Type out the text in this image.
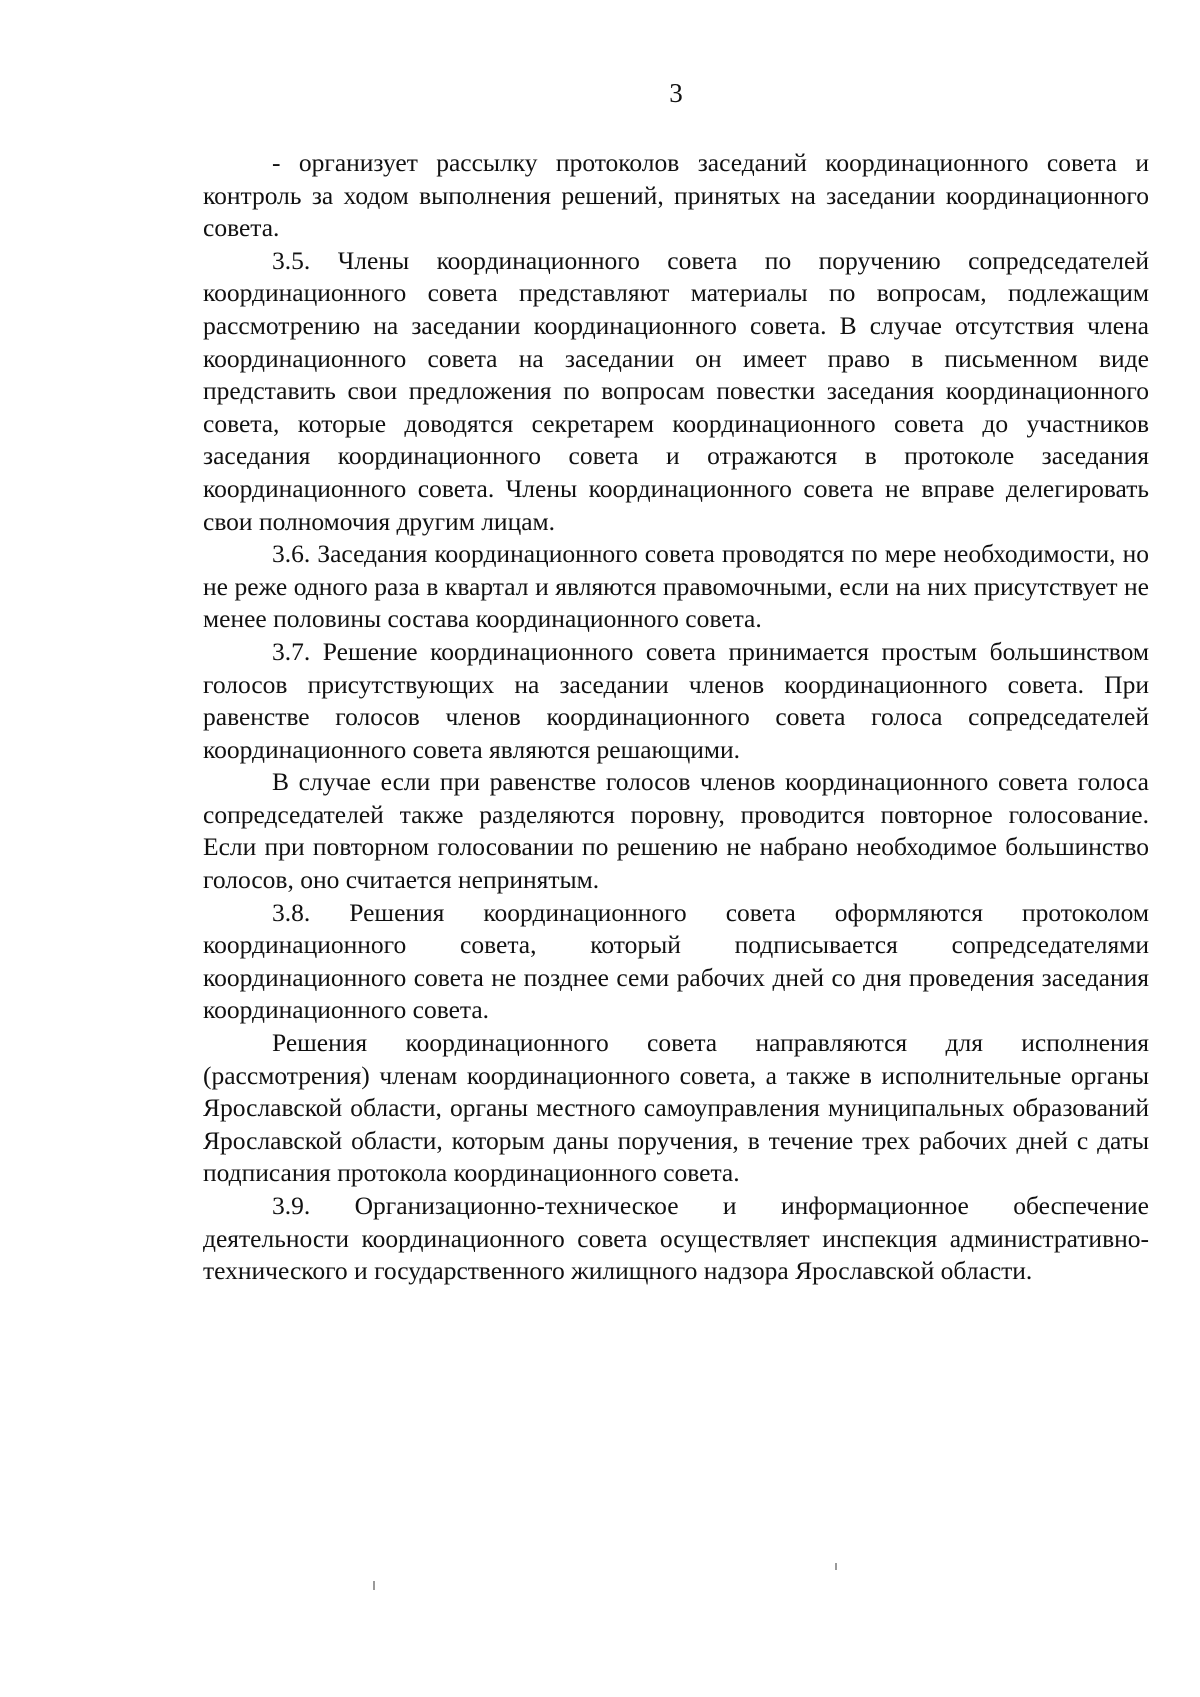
3

- организует рассылку протоколов заседаний координационного совета и контроль за ходом выполнения решений, принятых на заседании координационного совета.

3.5. Члены координационного совета по поручению сопредседателей координационного совета представляют материалы по вопросам, подлежащим рассмотрению на заседании координационного совета. В случае отсутствия члена координационного совета на заседании он имеет право в письменном виде представить свои предложения по вопросам повестки заседания координационного совета, которые доводятся секретарем координационного совета до участников заседания координационного совета и отражаются в протоколе заседания координационного совета. Члены координационного совета не вправе делегировать свои полномочия другим лицам.

3.6. Заседания координационного совета проводятся по мере необходимости, но не реже одного раза в квартал и являются правомочными, если на них присутствует не менее половины состава координационного совета.

3.7. Решение координационного совета принимается простым большинством голосов присутствующих на заседании членов координационного совета. При равенстве голосов членов координационного совета голоса сопредседателей координационного совета являются решающими.

В случае если при равенстве голосов членов координационного совета голоса сопредседателей также разделяются поровну, проводится повторное голосование. Если при повторном голосовании по решению не набрано необходимое большинство голосов, оно считается непринятым.

3.8. Решения координационного совета оформляются протоколом координационного совета, который подписывается сопредседателями координационного совета не позднее семи рабочих дней со дня проведения заседания координационного совета.

Решения координационного совета направляются для исполнения (рассмотрения) членам координационного совета, а также в исполнительные органы Ярославской области, органы местного самоуправления муниципальных образований Ярославской области, которым даны поручения, в течение трех рабочих дней с даты подписания протокола координационного совета.

3.9. Организационно-техническое и информационное обеспечение деятельности координационного совета осуществляет инспекция административно-технического и государственного жилищного надзора Ярославской области.
